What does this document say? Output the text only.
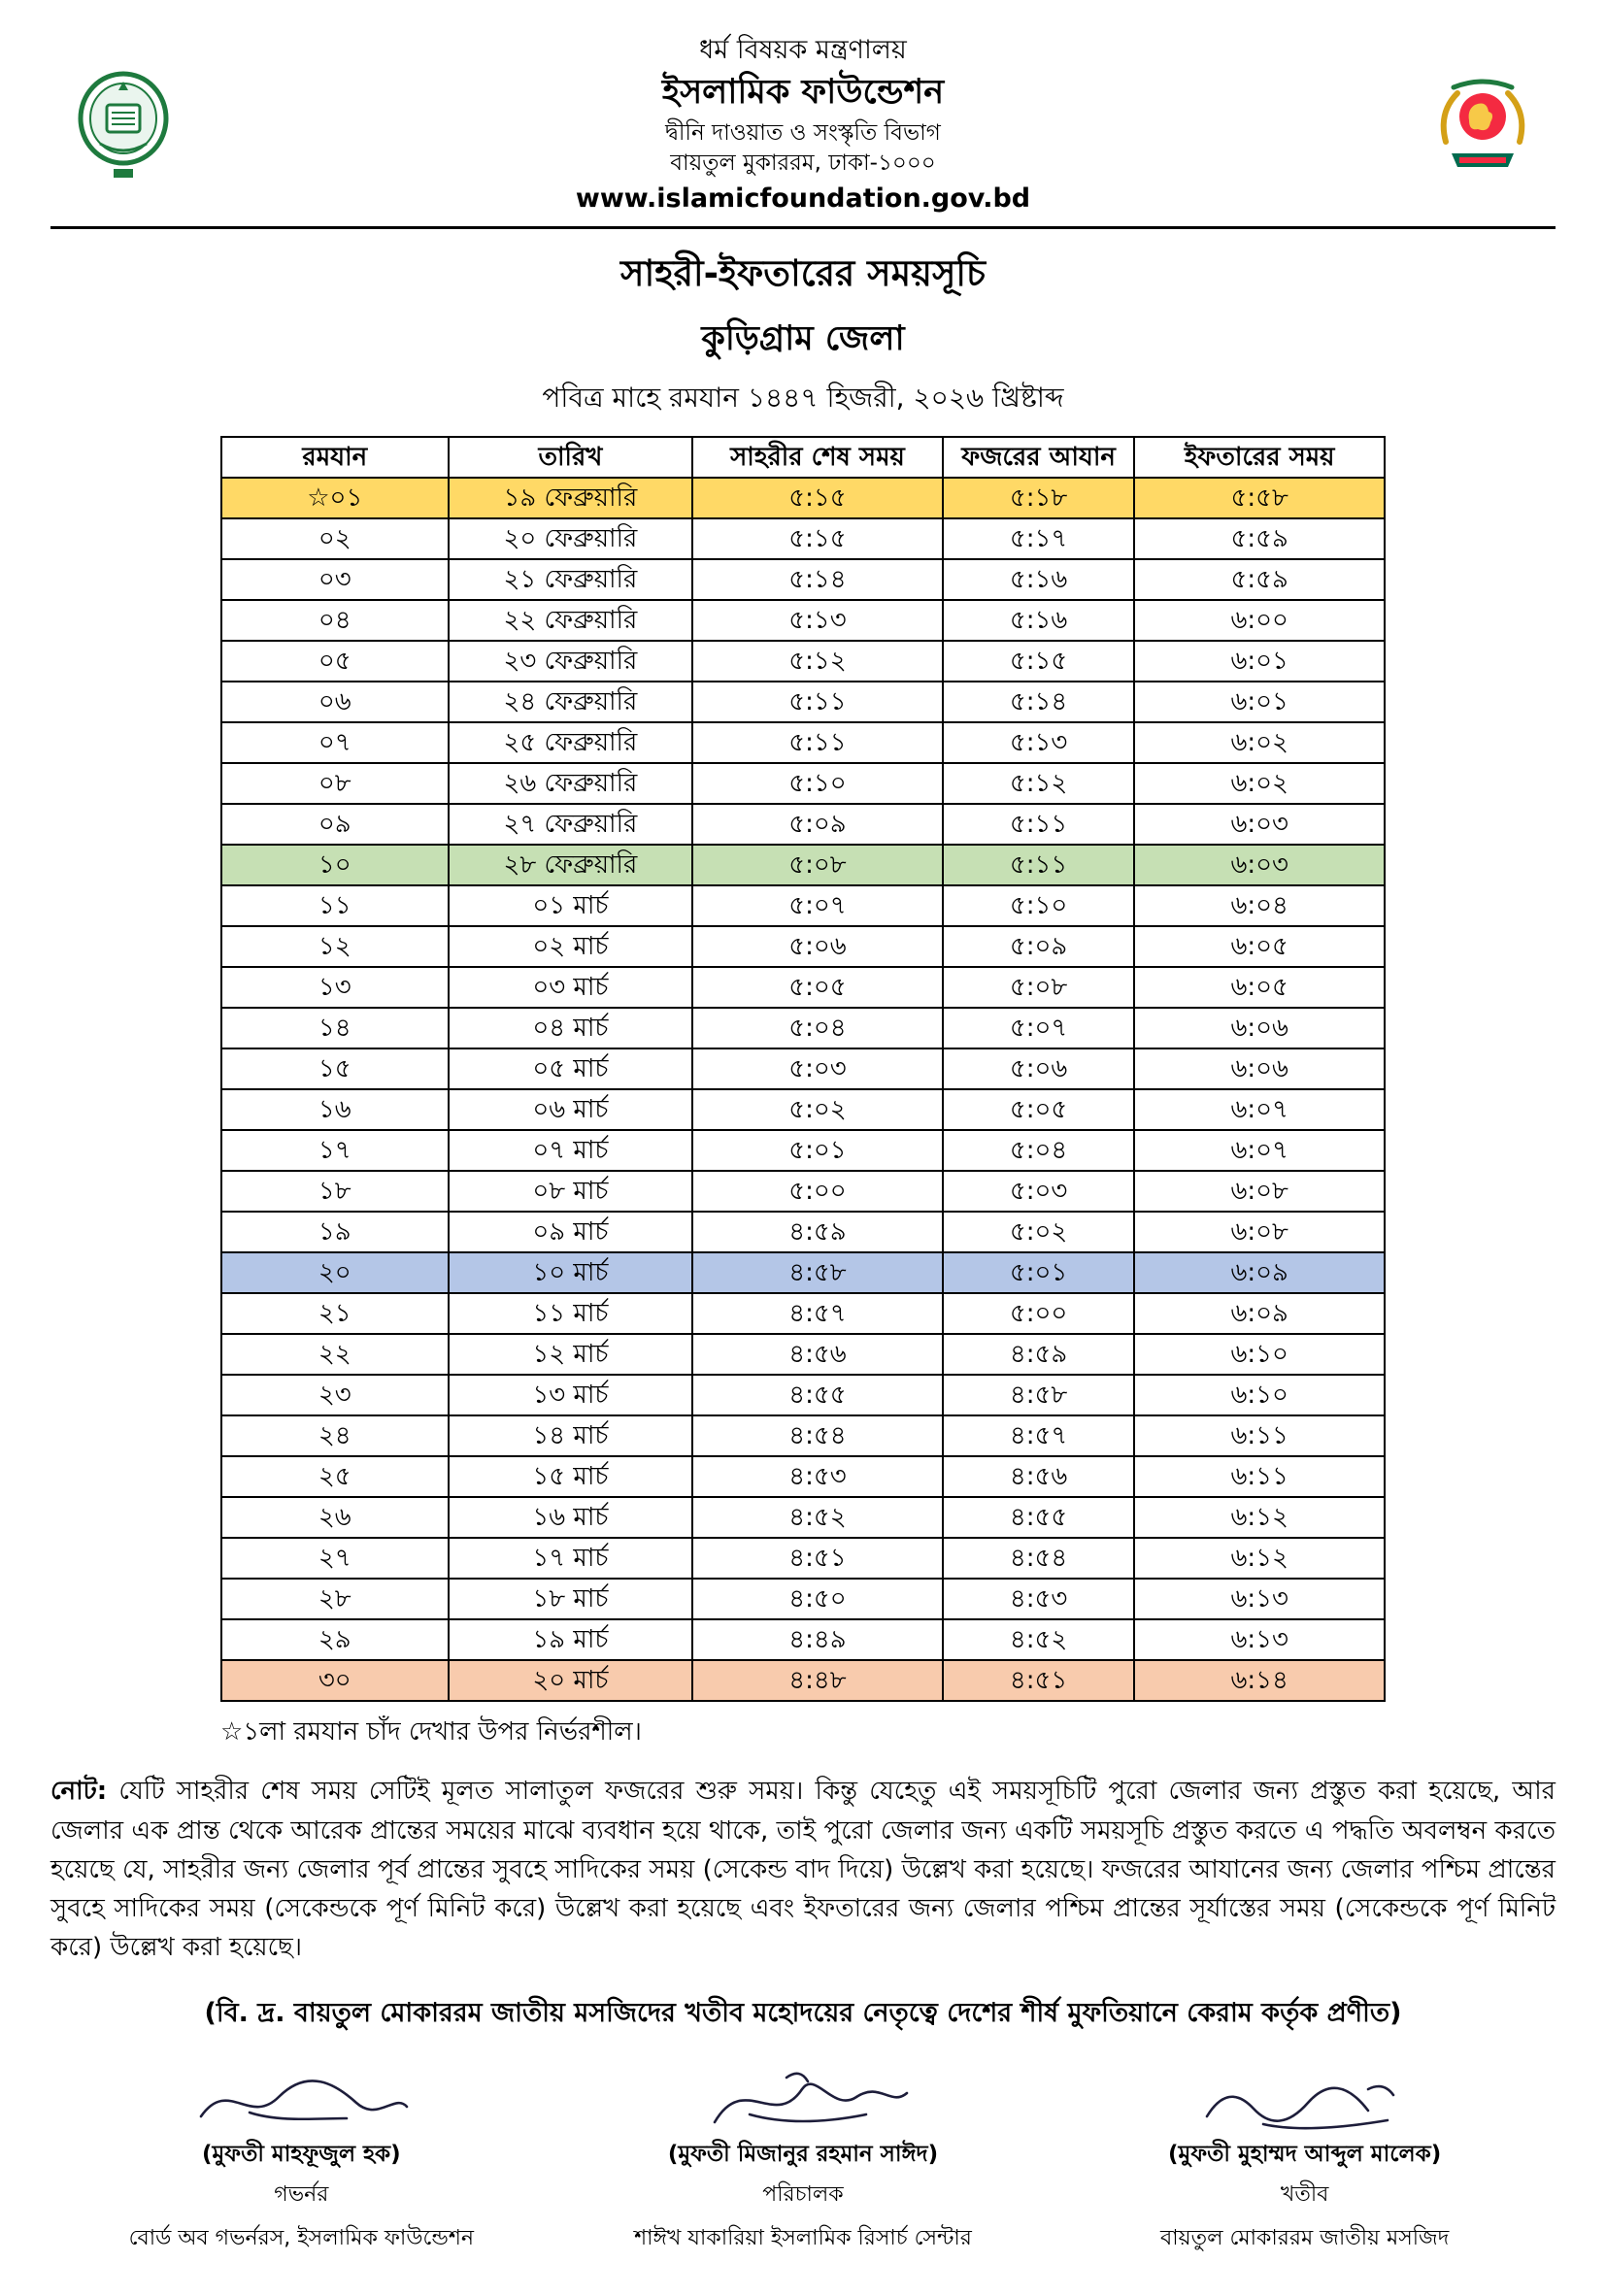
ধর্ম বিষয়ক মন্ত্রণালয়
ইসলামিক ফাউন্ডেশন
দ্বীনি দাওয়াত ও সংস্কৃতি বিভাগ
বায়তুল মুকাররম, ঢাকা-১০০০
www.islamicfoundation.gov.bd
সাহরী-ইফতারের সময়সূচি
কুড়িগ্রাম জেলা
পবিত্র মাহে রমযান ১৪৪৭ হিজরী, ২০২৬ খ্রিষ্টাব্দ
রমযান	তারিখ	সাহরীর শেষ সময়	ফজরের আযান	ইফতারের সময়
☆০১	১৯ ফেব্রুয়ারি	৫:১৫	৫:১৮	৫:৫৮
০২	২০ ফেব্রুয়ারি	৫:১৫	৫:১৭	৫:৫৯
০৩	২১ ফেব্রুয়ারি	৫:১৪	৫:১৬	৫:৫৯
০৪	২২ ফেব্রুয়ারি	৫:১৩	৫:১৬	৬:০০
০৫	২৩ ফেব্রুয়ারি	৫:১২	৫:১৫	৬:০১
০৬	২৪ ফেব্রুয়ারি	৫:১১	৫:১৪	৬:০১
০৭	২৫ ফেব্রুয়ারি	৫:১১	৫:১৩	৬:০২
০৮	২৬ ফেব্রুয়ারি	৫:১০	৫:১২	৬:০২
০৯	২৭ ফেব্রুয়ারি	৫:০৯	৫:১১	৬:০৩
১০	২৮ ফেব্রুয়ারি	৫:০৮	৫:১১	৬:০৩
১১	০১ মার্চ	৫:০৭	৫:১০	৬:০৪
১২	০২ মার্চ	৫:০৬	৫:০৯	৬:০৫
১৩	০৩ মার্চ	৫:০৫	৫:০৮	৬:০৫
১৪	০৪ মার্চ	৫:০৪	৫:০৭	৬:০৬
১৫	০৫ মার্চ	৫:০৩	৫:০৬	৬:০৬
১৬	০৬ মার্চ	৫:০২	৫:০৫	৬:০৭
১৭	০৭ মার্চ	৫:০১	৫:০৪	৬:০৭
১৮	০৮ মার্চ	৫:০০	৫:০৩	৬:০৮
১৯	০৯ মার্চ	৪:৫৯	৫:০২	৬:০৮
২০	১০ মার্চ	৪:৫৮	৫:০১	৬:০৯
২১	১১ মার্চ	৪:৫৭	৫:০০	৬:০৯
২২	১২ মার্চ	৪:৫৬	৪:৫৯	৬:১০
২৩	১৩ মার্চ	৪:৫৫	৪:৫৮	৬:১০
২৪	১৪ মার্চ	৪:৫৪	৪:৫৭	৬:১১
২৫	১৫ মার্চ	৪:৫৩	৪:৫৬	৬:১১
২৬	১৬ মার্চ	৪:৫২	৪:৫৫	৬:১২
২৭	১৭ মার্চ	৪:৫১	৪:৫৪	৬:১২
২৮	১৮ মার্চ	৪:৫০	৪:৫৩	৬:১৩
২৯	১৯ মার্চ	৪:৪৯	৪:৫২	৬:১৩
৩০	২০ মার্চ	৪:৪৮	৪:৫১	৬:১৪

☆১লা রমযান চাঁদ দেখার উপর নির্ভরশীল।

নোট: যেটি সাহরীর শেষ সময় সেটিই মূলত সালাতুল ফজরের শুরু সময়। কিন্তু যেহেতু এই সময়সূচিটি পুরো জেলার জন্য প্রস্তুত করা হয়েছে, আর জেলার এক প্রান্ত থেকে আরেক প্রান্তের সময়ের মাঝে ব্যবধান হয়ে থাকে, তাই পুরো জেলার জন্য একটি সময়সূচি প্রস্তুত করতে এ পদ্ধতি অবলম্বন করতে হয়েছে যে, সাহরীর জন্য জেলার পূর্ব প্রান্তের সুবহে সাদিকের সময় (সেকেন্ড বাদ দিয়ে) উল্লেখ করা হয়েছে। ফজরের আযানের জন্য জেলার পশ্চিম প্রান্তের সুবহে সাদিকের সময় (সেকেন্ডকে পূর্ণ মিনিট করে) উল্লেখ করা হয়েছে এবং ইফতারের জন্য জেলার পশ্চিম প্রান্তের সূর্যাস্তের সময় (সেকেন্ডকে পূর্ণ মিনিট করে) উল্লেখ করা হয়েছে।

(বি. দ্র. বায়তুল মোকাররম জাতীয় মসজিদের খতীব মহোদয়ের নেতৃত্বে দেশের শীর্ষ মুফতিয়ানে কেরাম কর্তৃক প্রণীত)

(মুফতী মাহফূজুল হক)
গভর্নর
বোর্ড অব গভর্নরস, ইসলামিক ফাউন্ডেশন
(মুফতী মিজানুর রহমান সাঈদ)
পরিচালক
শাঈখ যাকারিয়া ইসলামিক রিসার্চ সেন্টার
(মুফতী মুহাম্মদ আব্দুল মালেক)
খতীব
বায়তুল মোকাররম জাতীয় মসজিদ
